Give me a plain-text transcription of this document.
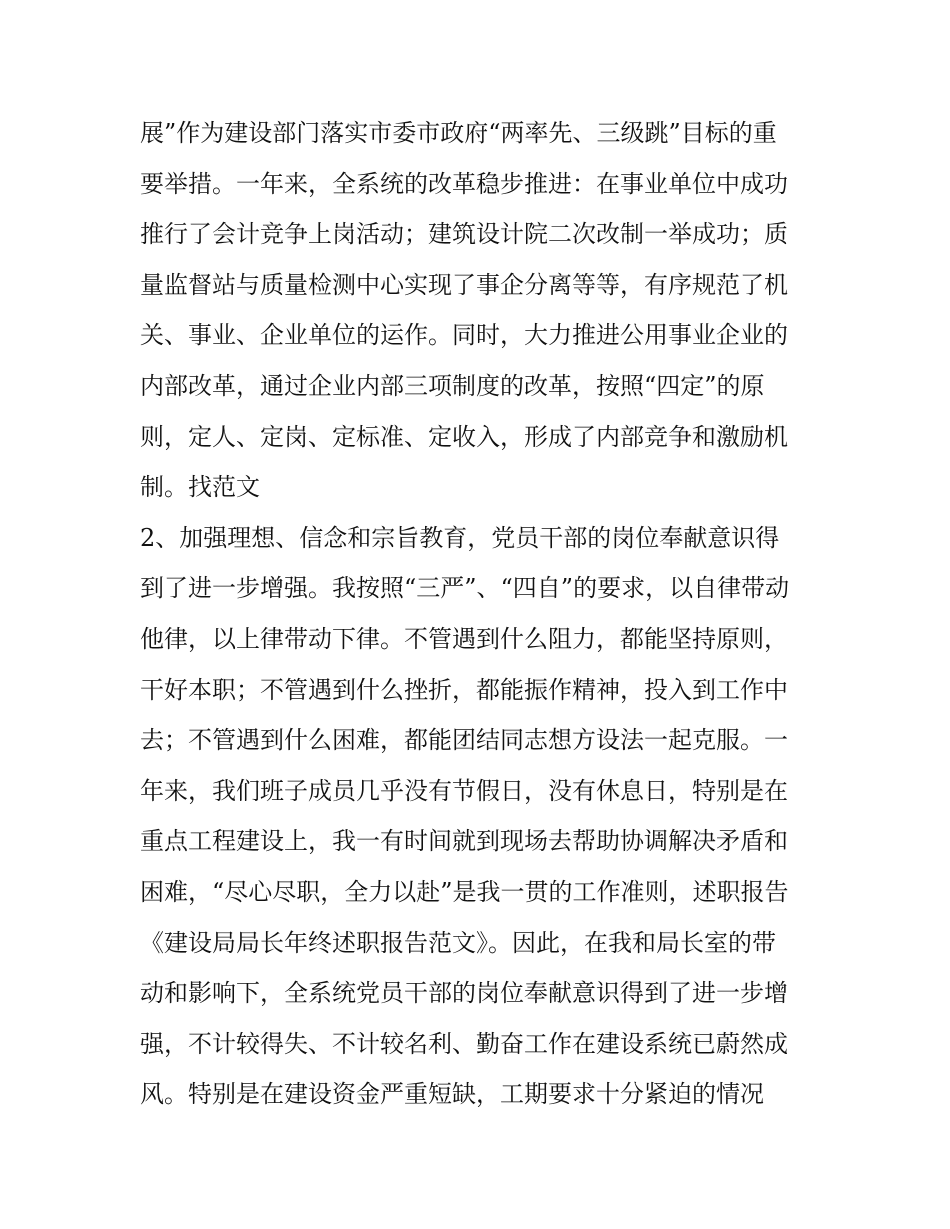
展”作为建设部门落实市委市政府“两率先、三级跳”目标的重
要举措。一年来，全系统的改革稳步推进：在事业单位中成功
推行了会计竞争上岗活动；建筑设计院二次改制一举成功；质
量监督站与质量检测中心实现了事企分离等等，有序规范了机
关、事业、企业单位的运作。同时，大力推进公用事业企业的
内部改革，通过企业内部三项制度的改革，按照“四定”的原
则，定人、定岗、定标准、定收入，形成了内部竞争和激励机
制。找范文
2、加强理想、信念和宗旨教育，党员干部的岗位奉献意识得
到了进一步增强。我按照“三严”、“四自”的要求，以自律带动
他律，以上律带动下律。不管遇到什么阻力，都能坚持原则，
干好本职；不管遇到什么挫折，都能振作精神，投入到工作中
去；不管遇到什么困难，都能团结同志想方设法一起克服。一
年来，我们班子成员几乎没有节假日，没有休息日，特别是在
重点工程建设上，我一有时间就到现场去帮助协调解决矛盾和
困难，“尽心尽职，全力以赴”是我一贯的工作准则，述职报告
《建设局局长年终述职报告范文》。因此，在我和局长室的带
动和影响下，全系统党员干部的岗位奉献意识得到了进一步增
强，不计较得失、不计较名利、勤奋工作在建设系统已蔚然成
风。特别是在建设资金严重短缺，工期要求十分紧迫的情况
